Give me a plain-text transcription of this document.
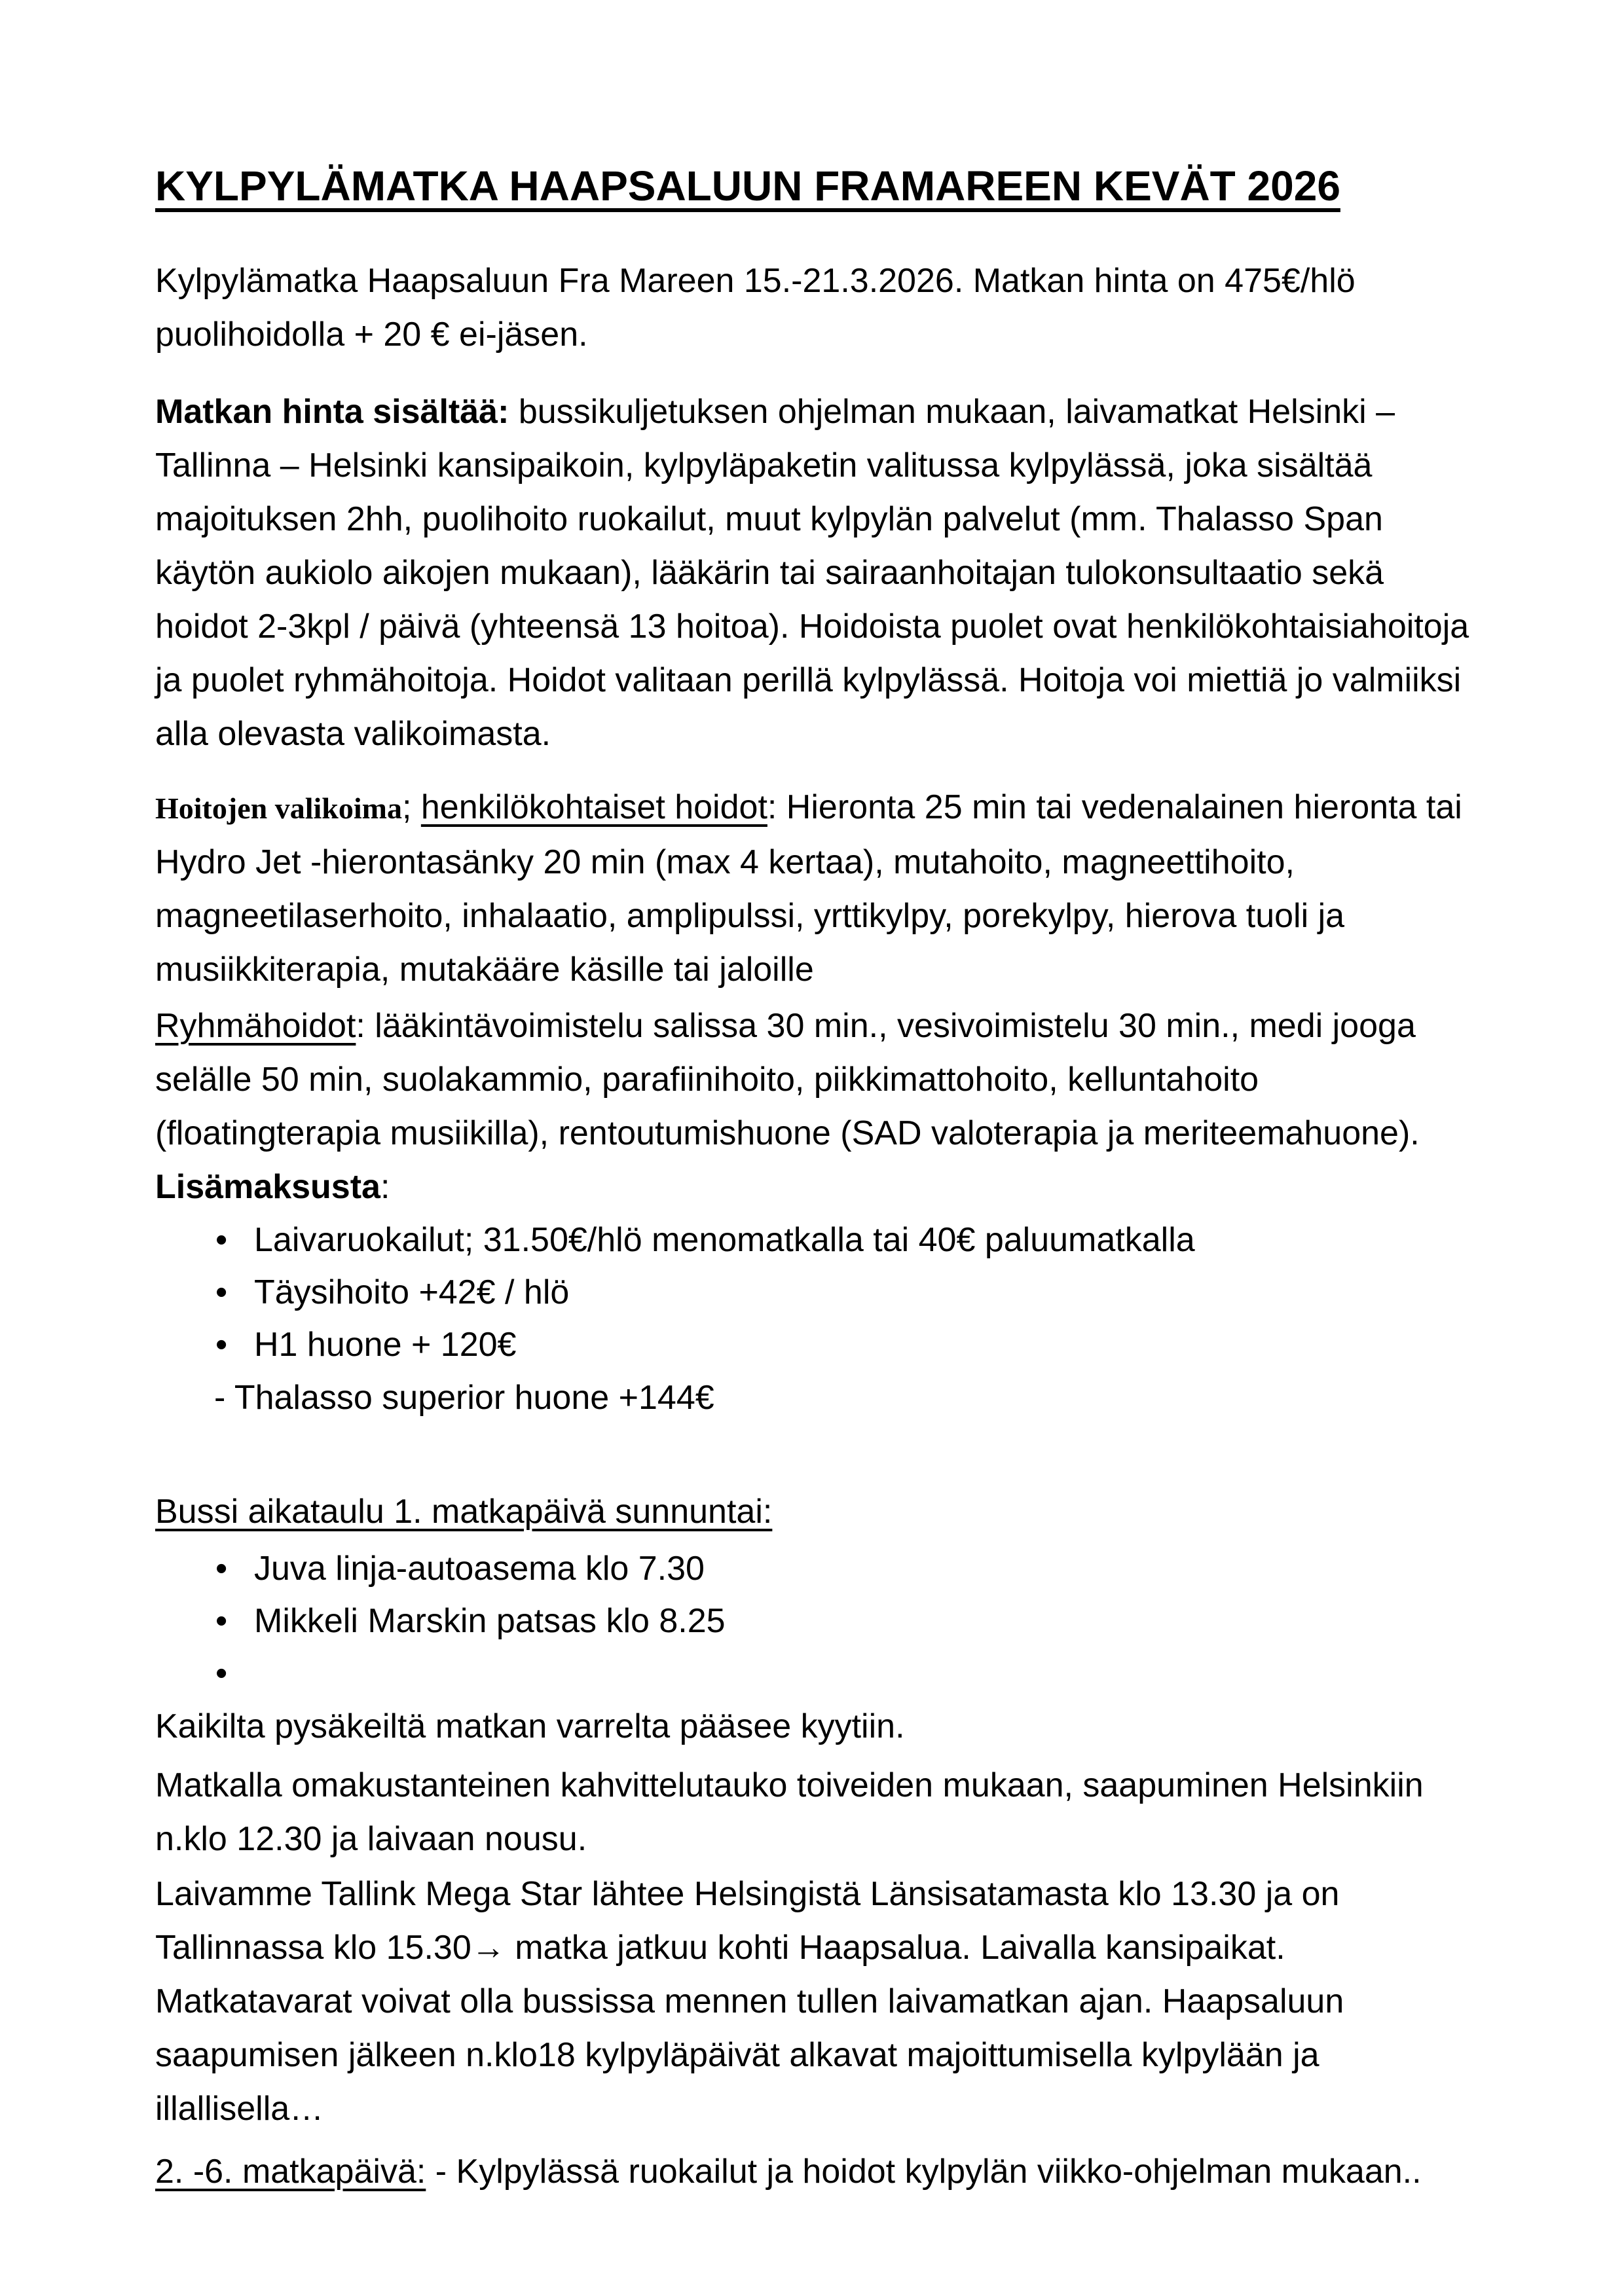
KYLPYLÄMATKA HAAPSALUUN FRAMAREEN KEVÄT 2026

Kylpylämatka Haapsaluun Fra Mareen 15.-21.3.2026. Matkan hinta on 475€/hlö puolihoidolla + 20 € ei-jäsen.

Matkan hinta sisältää: bussikuljetuksen ohjelman mukaan, laivamatkat Helsinki – Tallinna – Helsinki kansipaikoin, kylpyläpaketin valitussa kylpylässä, joka sisältää majoituksen 2hh, puolihoito ruokailut, muut kylpylän palvelut (mm. Thalasso Span käytön aukiolo aikojen mukaan), lääkärin tai sairaanhoitajan tulokonsultaatio sekä hoidot 2-3kpl / päivä (yhteensä 13 hoitoa). Hoidoista puolet ovat henkilökohtaisiahoitoja ja puolet ryhmähoitoja. Hoidot valitaan perillä kylpylässä. Hoitoja voi miettiä jo valmiiksi alla olevasta valikoimasta.

Hoitojen valikoima; henkilökohtaiset hoidot: Hieronta 25 min tai vedenalainen hieronta tai Hydro Jet -hierontasänky 20 min (max 4 kertaa), mutahoito, magneettihoito, magneetilaserhoito, inhalaatio, amplipulssi, yrttikylpy, porekylpy, hierova tuoli ja musiikkiterapia, mutakääre käsille tai jaloille

Ryhmähoidot: lääkintävoimistelu salissa 30 min., vesivoimistelu 30 min., medi jooga selälle 50 min, suolakammio, parafiinihoito, piikkimattohoito, kelluntahoito (floatingterapia musiikilla), rentoutumishuone (SAD valoterapia ja meriteemahuone).

Lisämaksusta:

• Laivaruokailut; 31.50€/hlö menomatkalla tai 40€ paluumatkalla
• Täysihoito +42€ / hlö
• H1 huone + 120€

- Thalasso superior huone +144€

Bussi aikataulu 1. matkapäivä sunnuntai:

• Juva linja-autoasema klo 7.30
• Mikkeli Marskin patsas klo 8.25
•

Kaikilta pysäkeiltä matkan varrelta pääsee kyytiin.

Matkalla omakustanteinen kahvittelutauko toiveiden mukaan, saapuminen Helsinkiin n.klo 12.30 ja laivaan nousu.

Laivamme Tallink Mega Star lähtee Helsingistä Länsisatamasta klo 13.30 ja on Tallinnassa klo 15.30→ matka jatkuu kohti Haapsalua. Laivalla kansipaikat. Matkatavarat voivat olla bussissa mennen tullen laivamatkan ajan. Haapsaluun saapumisen jälkeen n.klo18 kylpyläpäivät alkavat majoittumisella kylpylään ja illallisella…

2. -6. matkapäivä: - Kylpylässä ruokailut ja hoidot kylpylän viikko-ohjelman mukaan..
